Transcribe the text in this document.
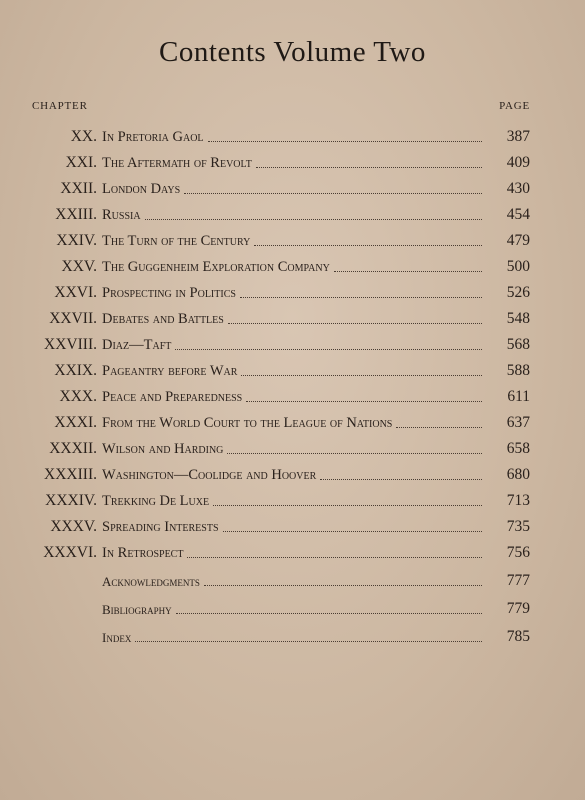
Contents Volume Two
CHAPTER	PAGE
XX. In Pretoria Gaol	387
XXI. The Aftermath of Revolt	409
XXII. London Days	430
XXIII. Russia	454
XXIV. The Turn of the Century	479
XXV. The Guggenheim Exploration Company	500
XXVI. Prospecting in Politics	526
XXVII. Debates and Battles	548
XXVIII. Diaz—Taft	568
XXIX. Pageantry before War	588
XXX. Peace and Preparedness	611
XXXI. From the World Court to the League of Nations	637
XXXII. Wilson and Harding	658
XXXIII. Washington—Coolidge and Hoover	680
XXXIV. Trekking De Luxe	713
XXXV. Spreading Interests	735
XXXVI. In Retrospect	756
Acknowledgments	777
Bibliography	779
Index	785
